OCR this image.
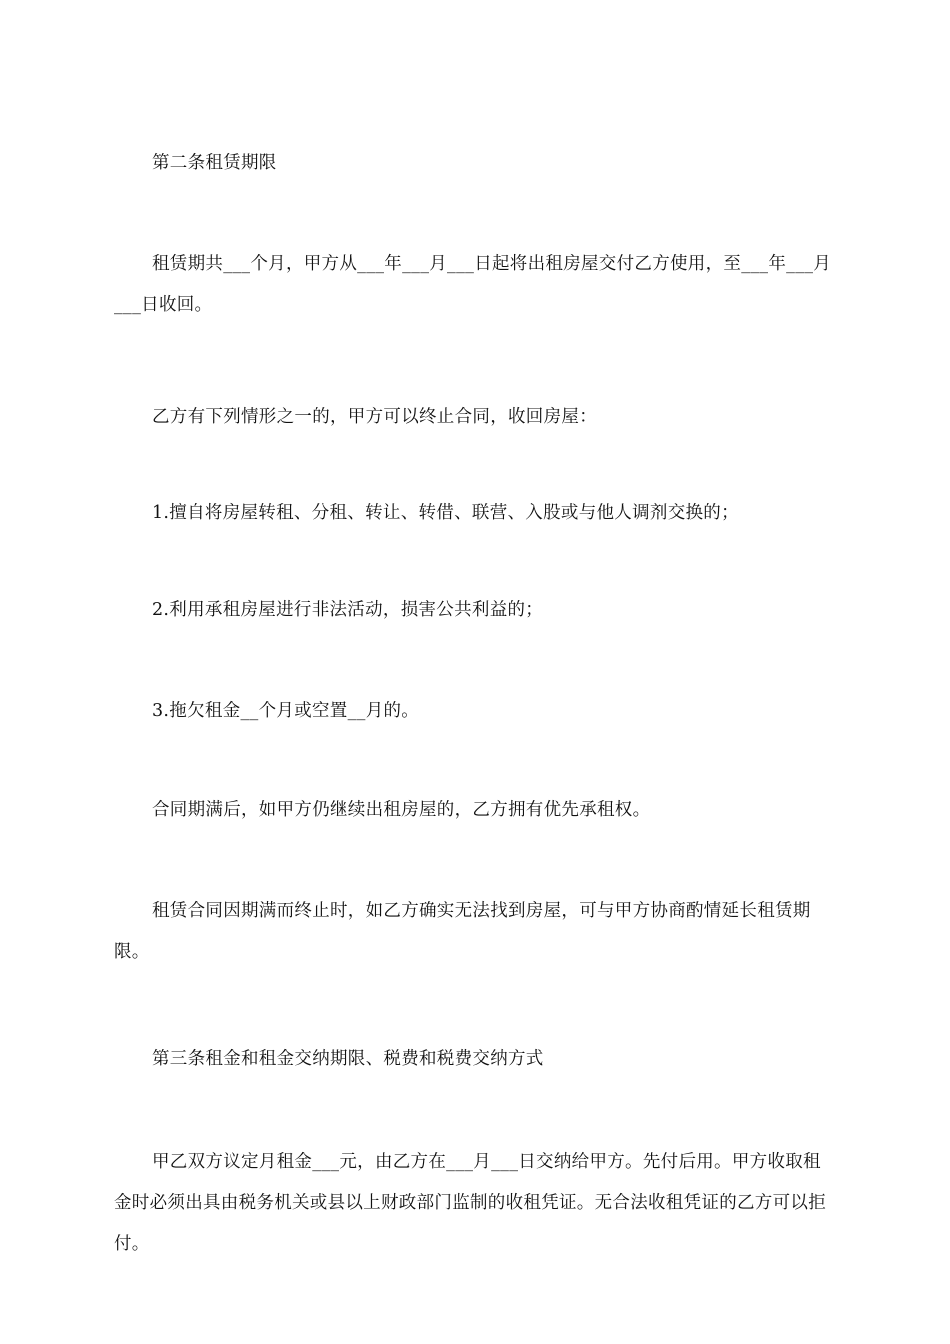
第二条租赁期限

租赁期共___个月，甲方从___年___月___日起将出租房屋交付乙方使用，至___年___月___日收回。

乙方有下列情形之一的，甲方可以终止合同，收回房屋：

1.擅自将房屋转租、分租、转让、转借、联营、入股或与他人调剂交换的；

2.利用承租房屋进行非法活动，损害公共利益的；

3.拖欠租金__个月或空置__月的。

合同期满后，如甲方仍继续出租房屋的，乙方拥有优先承租权。

租赁合同因期满而终止时，如乙方确实无法找到房屋，可与甲方协商酌情延长租赁期限。

第三条租金和租金交纳期限、税费和税费交纳方式

甲乙双方议定月租金___元，由乙方在___月___日交纳给甲方。先付后用。甲方收取租金时必须出具由税务机关或县以上财政部门监制的收租凭证。无合法收租凭证的乙方可以拒付。
